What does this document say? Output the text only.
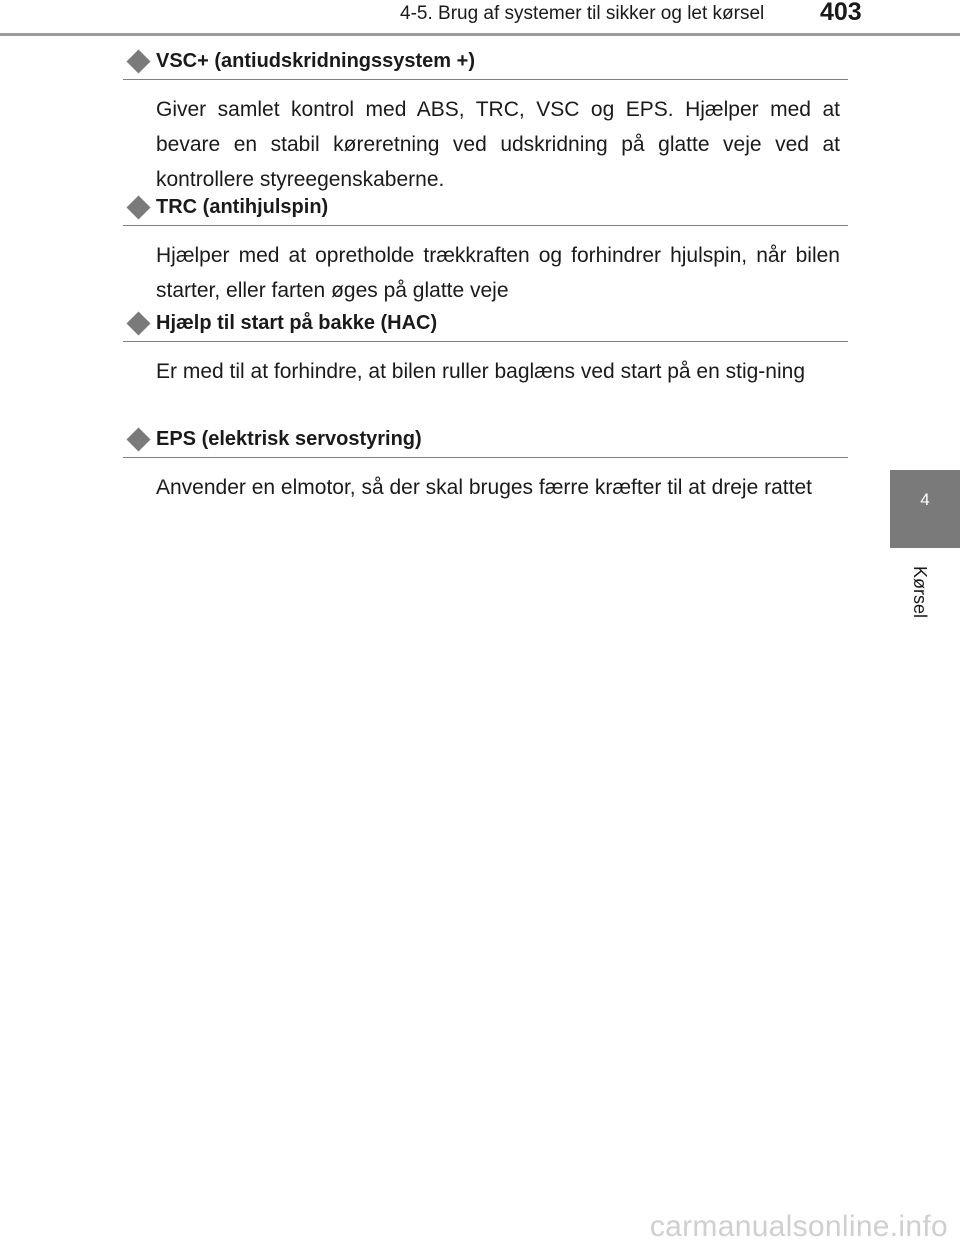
4-5. Brug af systemer til sikker og let kørsel 403
4
Kørsel
VSC+ (antiudskridningssystem +)
Giver samlet kontrol med ABS, TRC, VSC og EPS. Hjælper med at bevare en stabil køreretning ved udskridning på glatte veje ved at kontrollere styreegenskaberne.
TRC (antihjulspin)
Hjælper med at opretholde trækkraften og forhindrer hjulspin, når bilen starter, eller farten øges på glatte veje
Hjælp til start på bakke (HAC)
Er med til at forhindre, at bilen ruller baglæns ved start på en stig-ning
EPS (elektrisk servostyring)
Anvender en elmotor, så der skal bruges færre kræfter til at dreje rattet
carmanualsonline.info
